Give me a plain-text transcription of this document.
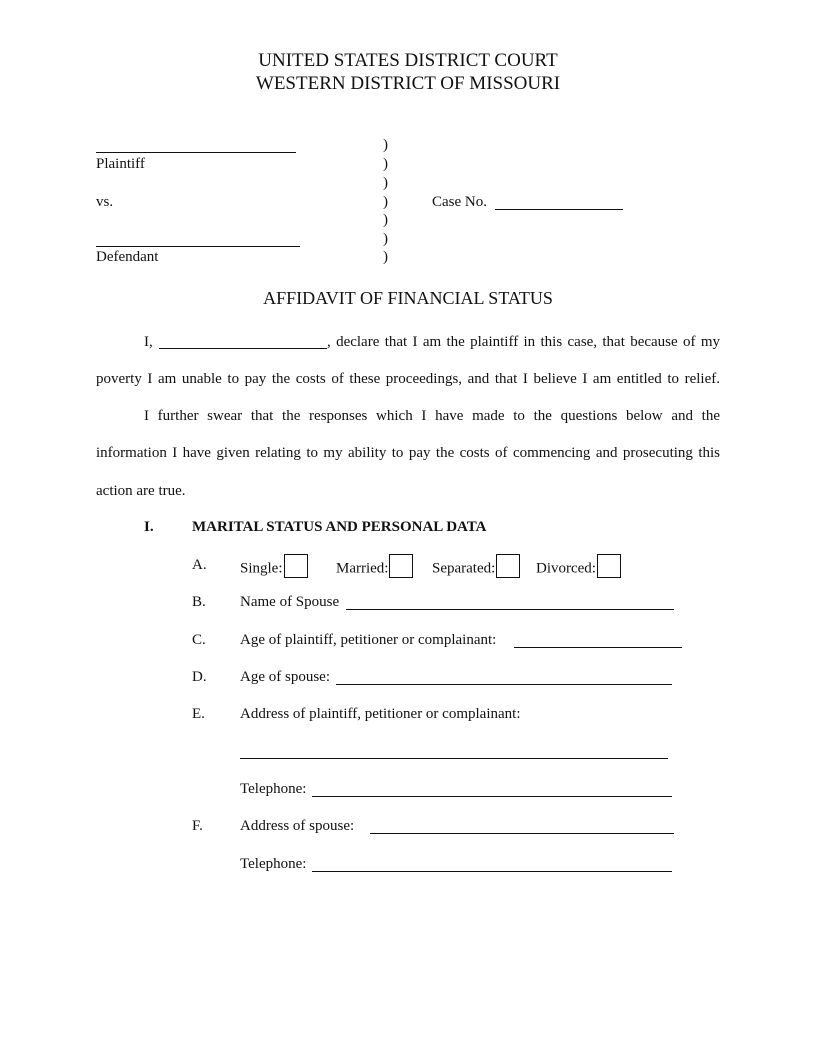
UNITED STATES DISTRICT COURT
WESTERN DISTRICT OF MISSOURI
Plaintiff
vs.
Defendant
)
)
)
)
)
)
)
Case No.
AFFIDAVIT OF FINANCIAL STATUS
I,	, declare that I am the plaintiff in this case, that because of my
poverty I am unable to pay the costs of these proceedings, and that I believe I am entitled to relief.
I further swear that the responses which I have made to the questions below and the
information I have given relating to my ability to pay the costs of commencing and prosecuting this
action are true.
I.	MARITAL STATUS AND PERSONAL DATA
A. Single:	Married:	Separated:	Divorced:
B. Name of Spouse
C. Age of plaintiff, petitioner or complainant:
D. Age of spouse:
E. Address of plaintiff, petitioner or complainant:
Telephone:
F. Address of spouse:
Telephone:
